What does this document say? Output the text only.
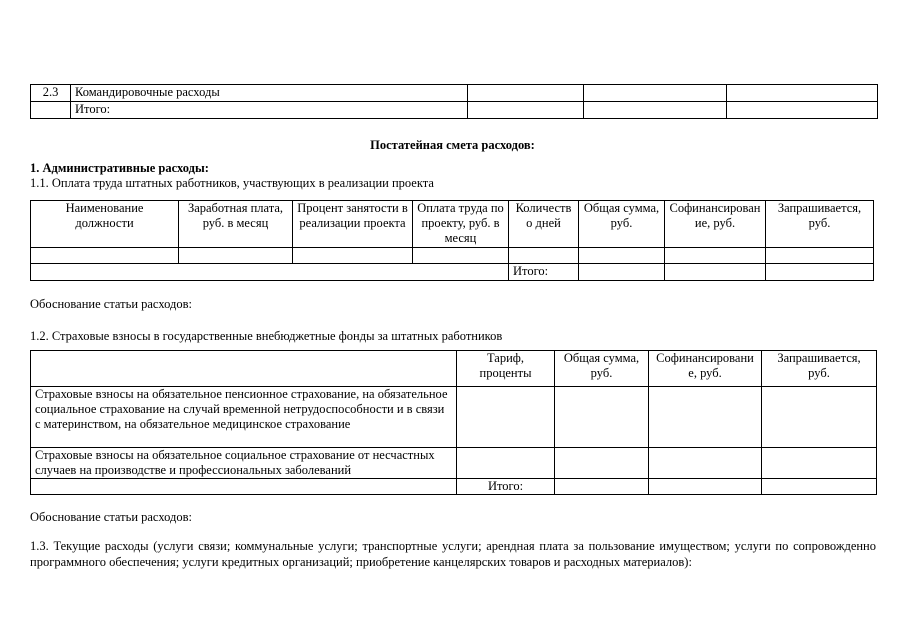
2.3	Командировочные расходы			
	Итого:			
Постатейная смета расходов:
1. Административные расходы:
1.1. Оплата труда штатных работников, участвующих в реализации проекта
Наименование должности	Заработная плата, руб. в месяц	Процент занятости в реализации проекта	Оплата труда по проекту, руб. в месяц	Количество дней	Общая сумма, руб.	Софинансирование, руб.	Запрашивается, руб.

				Итого:			
Обоснование статьи расходов:
1.2. Страховые взносы в государственные внебюджетные фонды за штатных работников
	Тариф, проценты	Общая сумма, руб.	Софинансирование, руб.	Запрашивается, руб.
Страховые взносы на обязательное пенсионное страхование, на обязательное социальное страхование на случай временной нетрудоспособности и в связи с материнством, на обязательное медицинское страхование				
Страховые взносы на обязательное социальное страхование от несчастных случаев на производстве и профессиональных заболеваний				
	Итого:			
Обоснование статьи расходов:
1.3. Текущие расходы (услуги связи; коммунальные услуги; транспортные услуги; арендная плата за пользование имуществом; услуги по сопровожденно программного обеспечения; услуги кредитных организаций; приобретение канцелярских товаров и расходных материалов):
